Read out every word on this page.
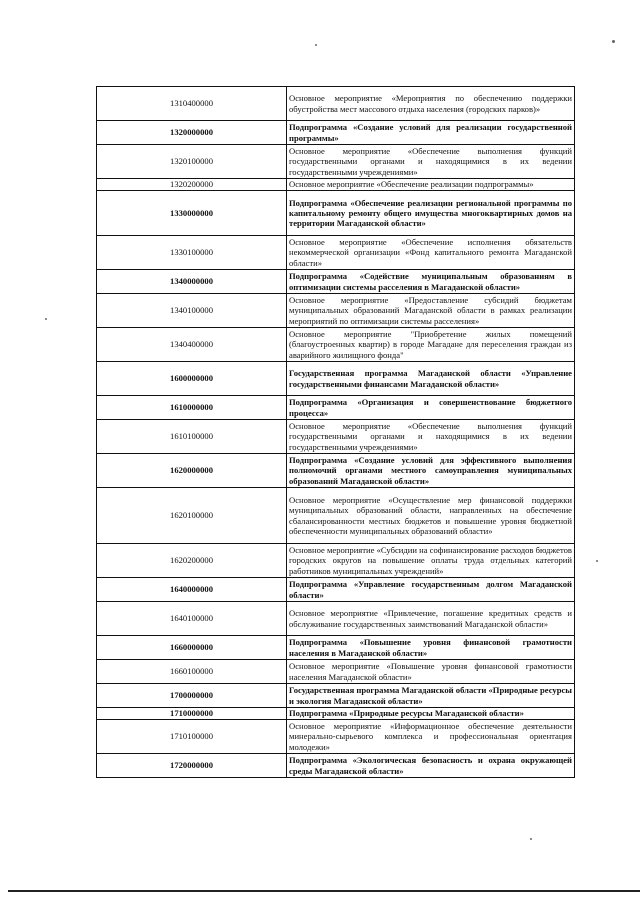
1310400000	Основное мероприятие «Мероприятия по обеспечению поддержки обустройства мест массового отдыха населения (городских парков)»
1320000000	Подпрограмма «Создание условий для реализации государственной программы»
1320100000	Основное мероприятие «Обеспечение выполнения функций государственными органами и находящимися в их ведении государственными учреждениями»
1320200000	Основное мероприятие «Обеспечение реализации подпрограммы»
1330000000	Подпрограмма «Обеспечение реализации региональной программы по капитальному ремонту общего имущества многоквартирных домов на территории Магаданской области»
1330100000	Основное мероприятие «Обеспечение исполнения обязательств некоммерческой организации «Фонд капитального ремонта Магаданской области»
1340000000	Подпрограмма «Содействие муниципальным образованиям в оптимизации системы расселения в Магаданской области»
1340100000	Основное мероприятие «Предоставление субсидий бюджетам муниципальных образований Магаданской области в рамках реализации мероприятий по оптимизации системы расселения»
1340400000	Основное мероприятие "Приобретение жилых помещений (благоустроенных квартир) в городе Магадане для переселения граждан из аварийного жилищного фонда"
1600000000	Государственная программа Магаданской области «Управление государственными финансами Магаданской области»
1610000000	Подпрограмма «Организация и совершенствование бюджетного процесса»
1610100000	Основное мероприятие «Обеспечение выполнения функций государственными органами и находящимися в их ведении государственными учреждениями»
1620000000	Подпрограмма «Создание условий для эффективного выполнения полномочий органами местного самоуправления муниципальных образований Магаданской области»
1620100000	Основное мероприятие «Осуществление мер финансовой поддержки муниципальных образований области, направленных на обеспечение сбалансированности местных бюджетов и повышение уровня бюджетной обеспеченности муниципальных образований области»
1620200000	Основное мероприятие «Субсидии на софинансирование расходов бюджетов городских округов на повышение оплаты труда отдельных категорий работников муниципальных учреждений»
1640000000	Подпрограмма «Управление государственным долгом Магаданской области»
1640100000	Основное мероприятие «Привлечение, погашение кредитных средств и обслуживание государственных заимствований Магаданской области»
1660000000	Подпрограмма «Повышение уровня финансовой грамотности населения в Магаданской области»
1660100000	Основное мероприятие «Повышение уровня финансовой грамотности населения Магаданской области»
1700000000	Государственная программа Магаданской области «Природные ресурсы и экология Магаданской области»
1710000000	Подпрограмма «Природные ресурсы Магаданской области»
1710100000	Основное мероприятие «Информационное обеспечение деятельности минерально-сырьевого комплекса и профессиональная ориентация молодежи»
1720000000	Подпрограмма «Экологическая безопасность и охрана окружающей среды Магаданской области»
